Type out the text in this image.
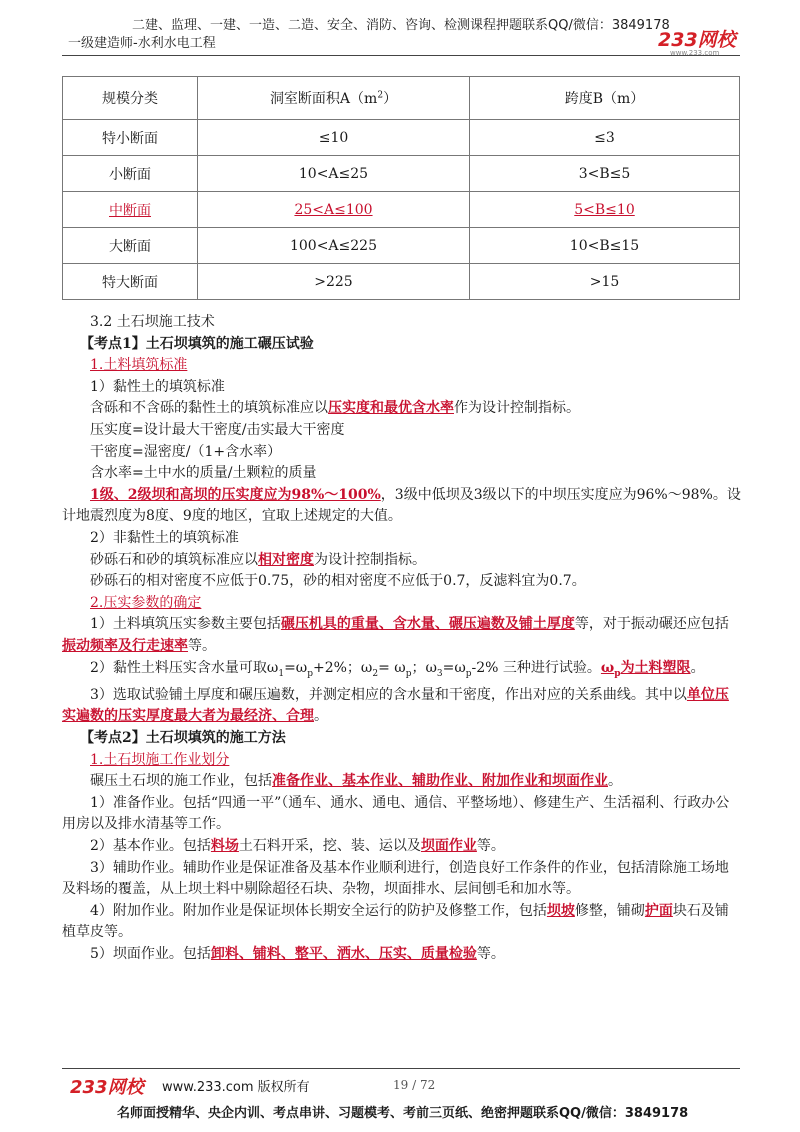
二建、监理、一建、一造、二造、安全、消防、咨询、检测课程押题联系QQ/微信：3849178
一级建造师-水利水电工程	233网校
www.233.com
规模分类	洞室断面积$A(m^2)$	跨度B（m）
特小断面	≤10	≤3
小断面	10<A≤25	3<B≤5
中断面	25<A≤100	5<B≤10
大断面	100<A≤225	10<B≤15
特大断面	>225	>15

3.2 土石坝施工技术

【考点1】土石坝填筑的施工碾压试验

1.土料填筑标准

1）黏性土的填筑标准

含砾和不含砾的黏性土的填筑标准应以压实度和最优含水率作为设计控制指标。

压实度=设计最大干密度/击实最大干密度

干密度=湿密度/（1+含水率）

含水率=土中水的质量/土颗粒的质量

1级、2级坝和高坝的压实度应为98%～100%，3级中低坝及3级以下的中坝压实度应为96%～98%。设计地震烈度为8度、9度的地区，宜取上述规定的大值。

2）非黏性土的填筑标准

砂砾石和砂的填筑标准应以相对密度为设计控制指标。

砂砾石的相对密度不应低于0.75，砂的相对密度不应低于0.7，反滤料宜为0.7。

2.压实参数的确定

1）土料填筑压实参数主要包括碾压机具的重量、含水量、碾压遍数及铺土厚度等，对于振动碾还应包括振动频率及行走速率等。

2）黏性土料压实含水量可取$\omega_1=\omega_p+2\%$；$\omega_2= \omega_p$；$\omega_3=\omega_p-2\%$ 三种进行试验。$\omega_p$为土料塑限。

3）选取试验铺土厚度和碾压遍数，并测定相应的含水量和干密度，作出对应的关系曲线。其中以单位压实遍数的压实厚度最大者为最经济、合理。

【考点2】土石坝填筑的施工方法

1.土石坝施工作业划分

碾压土石坝的施工作业，包括准备作业、基本作业、辅助作业、附加作业和坝面作业。

1）准备作业。包括“四通一平”（通车、通水、通电、通信、平整场地）、修建生产、生活福利、行政办公用房以及排水清基等工作。

2）基本作业。包括料场土石料开采，挖、装、运以及坝面作业等。

3）辅助作业。辅助作业是保证准备及基本作业顺利进行，创造良好工作条件的作业，包括清除施工场地及料场的覆盖，从上坝土料中剔除超径石块、杂物，坝面排水、层间刨毛和加水等。

4）附加作业。附加作业是保证坝体长期安全运行的防护及修整工作，包括坝坡修整，铺砌护面块石及铺植草皮等。

5）坝面作业。包括卸料、铺料、整平、洒水、压实、质量检验等。

233网校 www.233.com 版权所有	19 / 72
名师面授精华、央企内训、考点串讲、习题模考、考前三页纸、绝密押题联系QQ/微信：3849178
